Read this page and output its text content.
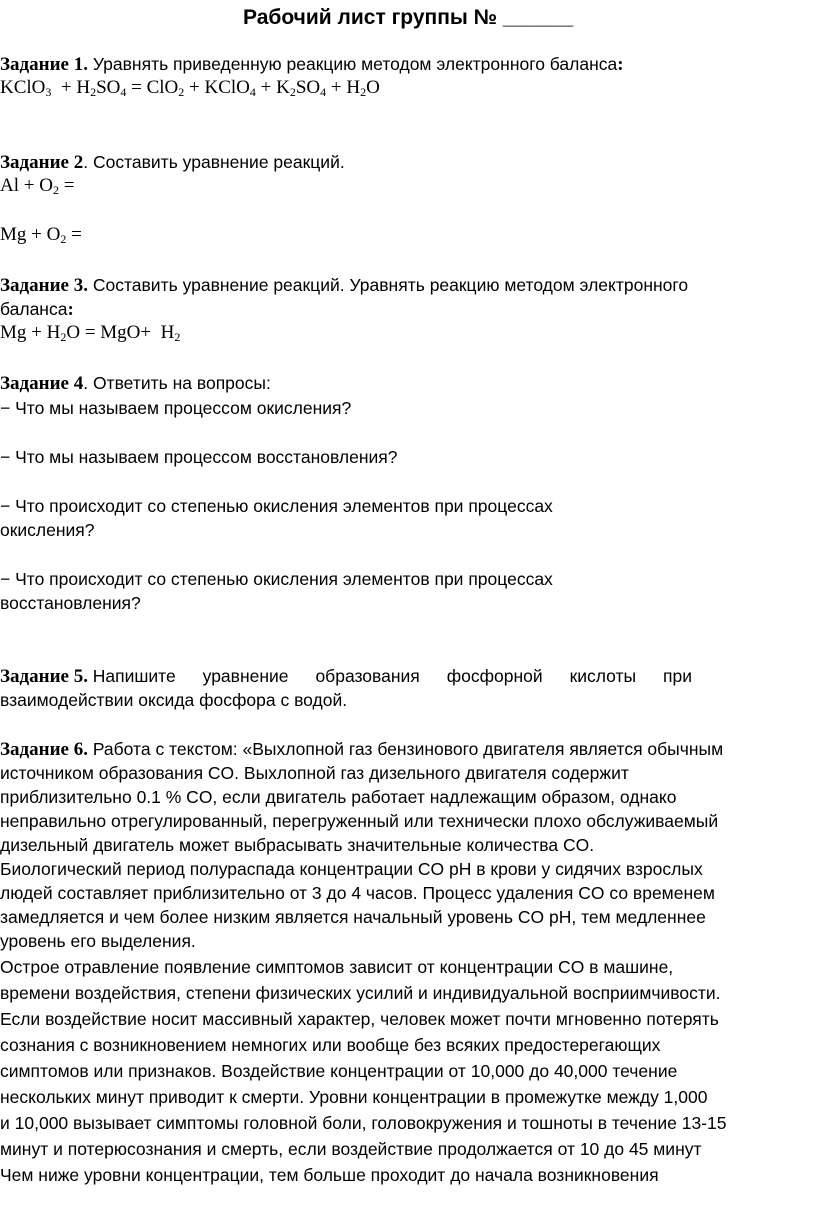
Рабочий лист группы № ______
Задание 1. Уравнять приведенную реакцию методом электронного баланса:
KClO$_3$  + $H_2SO_4 = ClO_2$ + KClO$_4$ + $K_2SO_4 + H_2O$
Задание 2. Составить уравнение реакций.
$Al + O_2$ =
$Mg + O_2$ =
Задание 3. Составить уравнение реакций. Уравнять реакцию методом электронного
баланса:
$Mg + H_2O = MgO+ H_2$
Задание 4. Ответить на вопросы:
− Что мы называем процессом окисления?
− Что мы называем процессом восстановления?
− Что происходит со степенью окисления элементов при процессах
окисления?
− Что происходит со степенью окисления элементов при процессах
восстановления?
Задание 5. Напишите уравнение образования фосфорной кислоты при
взаимодействии оксида фосфора с водой.
Задание 6. Работа с текстом: «Выхлопной газ бензинового двигателя является обычным
источником образования CO. Выхлопной газ дизельного двигателя содержит
приблизительно 0.1 % CO, если двигатель работает надлежащим образом, однако
неправильно отрегулированный, перегруженный или технически плохо обслуживаемый
дизельный двигатель может выбрасывать значительные количества CO.
Биологический период полураспада концентрации CO pH в крови у сидячих взрослых
людей составляет приблизительно от 3 до 4 часов. Процесс удаления CO со временем
замедляется и чем более низким является начальный уровень CO pH, тем медленнее
уровень его выделения.
Острое отравление появление симптомов зависит от концентрации CO в машине,
времени воздействия, степени физических усилий и индивидуальной восприимчивости.
Если воздействие носит массивный характер, человек может почти мгновенно потерять
сознания с возникновением немногих или вообще без всяких предостерегающих
симптомов или признаков. Воздействие концентрации от 10,000 до 40,000 течение
нескольких минут приводит к смерти. Уровни концентрации в промежутке между 1,000
и 10,000 вызывает симптомы головной боли, головокружения и тошноты в течение 13-15
минут и потерюсознания и смерть, если воздействие продолжается от 10 до 45 минут
Чем ниже уровни концентрации, тем больше проходит до начала возникновения
